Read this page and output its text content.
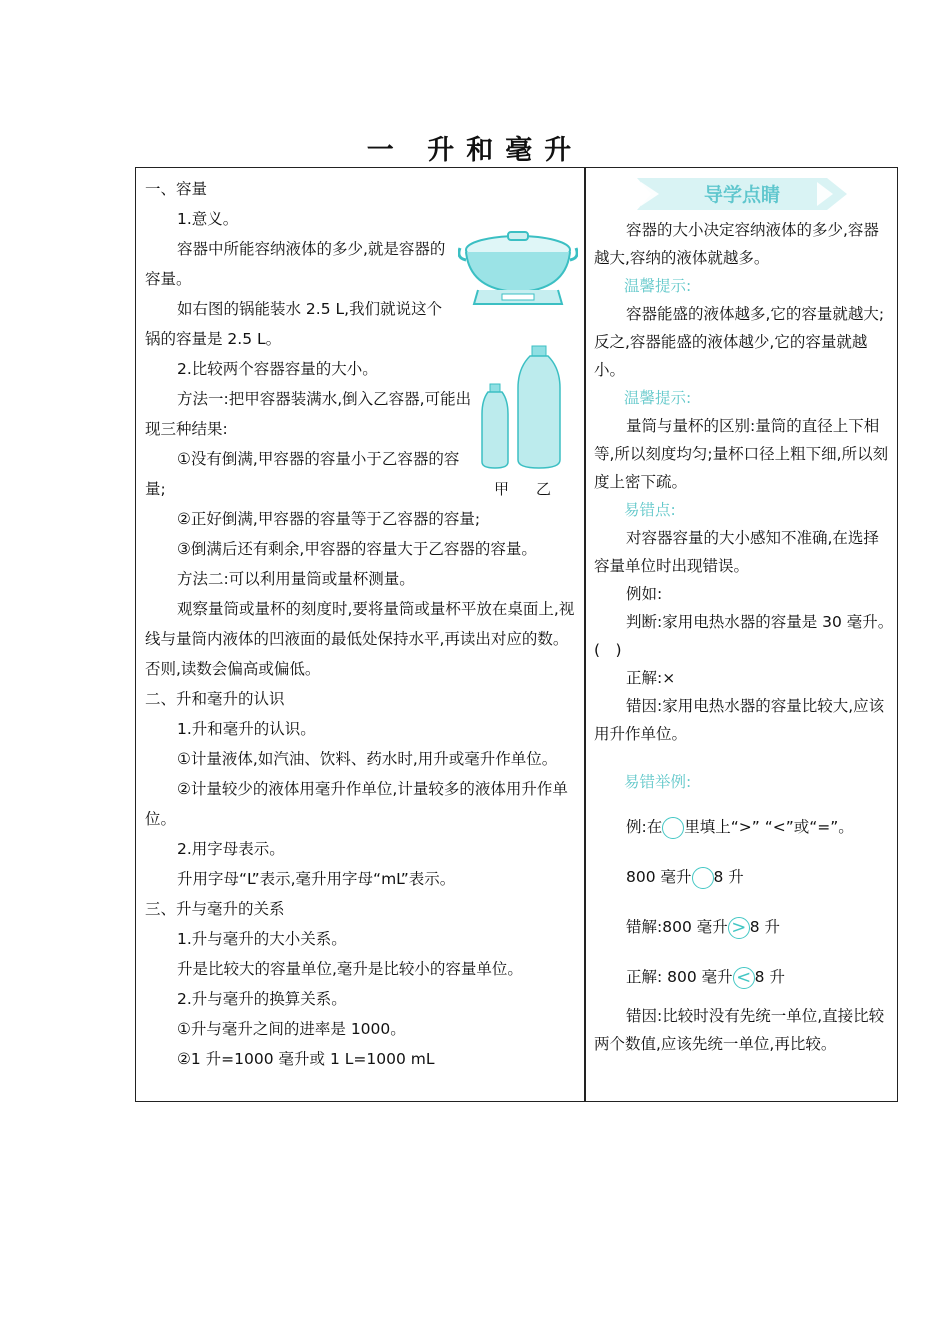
一 升和毫升

一、容量

1.意义。

容器中所能容纳液体的多少,就是容器的容量。

如右图的锅能装水 2.5 L,我们就说这个锅的容量是 2.5 L。

2.比较两个容器容量的大小。

方法一:把甲容器装满水,倒入乙容器,可能出现三种结果:

①没有倒满,甲容器的容量小于乙容器的容量;

②正好倒满,甲容器的容量等于乙容器的容量;

③倒满后还有剩余,甲容器的容量大于乙容器的容量。

方法二:可以利用量筒或量杯测量。

观察量筒或量杯的刻度时,要将量筒或量杯平放在桌面上,视线与量筒内液体的凹液面的最低处保持水平,再读出对应的数。否则,读数会偏高或偏低。

二、升和毫升的认识

1.升和毫升的认识。

①计量液体,如汽油、饮料、药水时,用升或毫升作单位。

②计量较少的液体用毫升作单位,计量较多的液体用升作单位。

2.用字母表示。

升用字母“L”表示,毫升用字母“mL”表示。

三、升与毫升的关系

1.升与毫升的大小关系。

升是比较大的容量单位,毫升是比较小的容量单位。

2.升与毫升的换算关系。

①升与毫升之间的进率是 1000。

②1 升=1000 毫升或 1 L=1000 mL

甲 乙
导学点睛

容器的大小决定容纳液体的多少,容器越大,容纳的液体就越多。

温馨提示:

容器能盛的液体越多,它的容量就越大;反之,容器能盛的液体越少,它的容量就越小。

温馨提示:

量筒与量杯的区别:量筒的直径上下相等,所以刻度均匀;量杯口径上粗下细,所以刻度上密下疏。

易错点:

对容器容量的大小感知不准确,在选择容量单位时出现错误。

例如:

判断:家用电热水器的容量是 30 毫升。　　(　)

正解:×

错因:家用电热水器的容量比较大,应该用升作单位。

易错举例:

例:在 里填上“>” “<”或“=”。

800 毫升 8 升

错解:800 毫升 > 8 升

正解: 800 毫升 < 8 升

错因:比较时没有先统一单位,直接比较两个数值,应该先统一单位,再比较。
